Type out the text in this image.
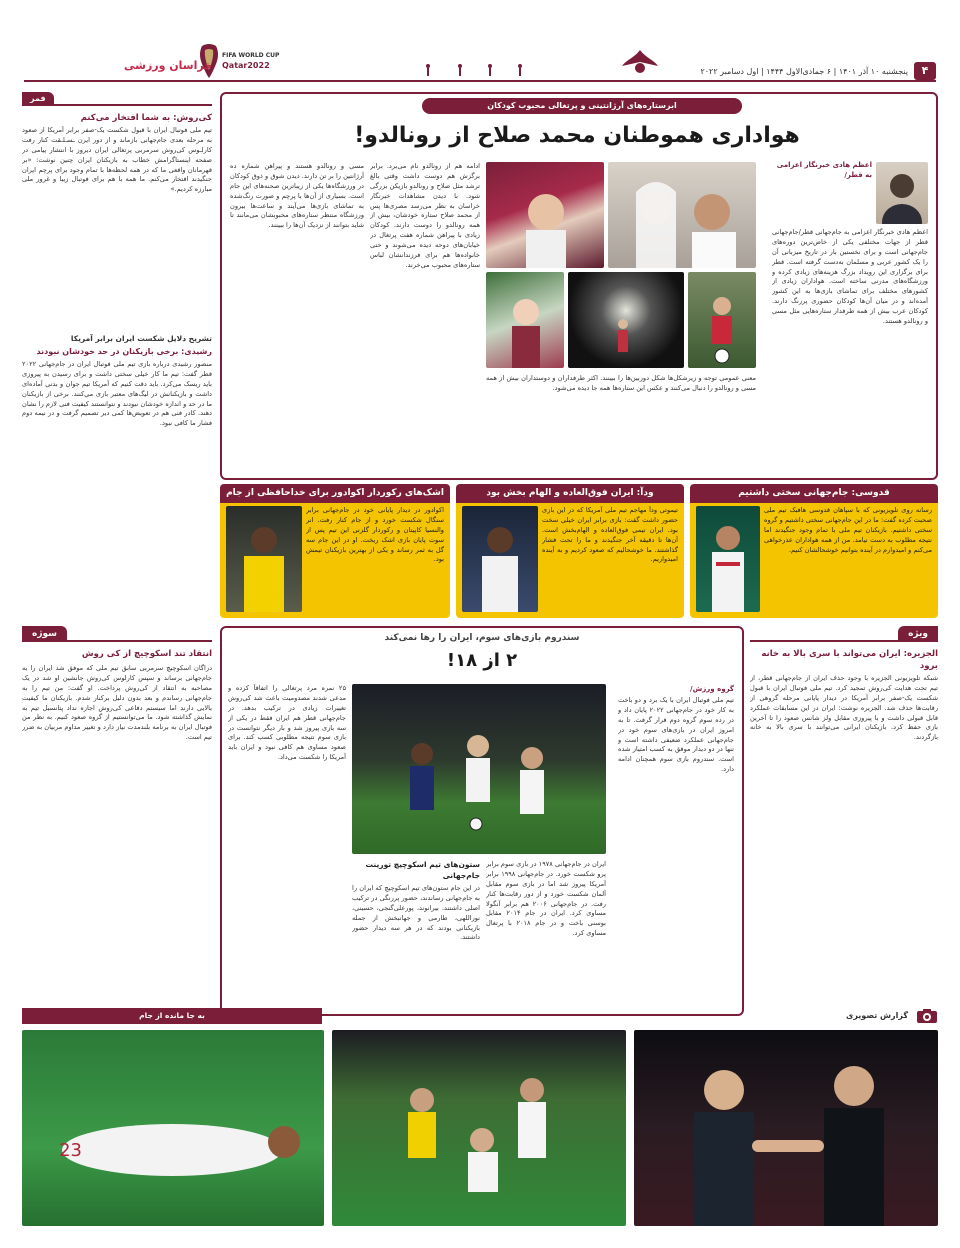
۴
پنجشنبه ۱۰ آذر ۱۴۰۱ | ۶ جمادی‌الاول ۱۴۴۴ | اول دسامبر ۲۰۲۲
FIFA WORLD CUP
Qatar2022
خراسان ورزشی
فمر
کی‌روش: به شما افتخار می‌کنم
تیم ملی فوتبال ایران با قبول شکست یک-صفر برابر آمریکا از صعود به مرحله بعدی جام‌جهانی بازماند و از دور ایرن ـسـلـقت کنار رفت کارلـوس کی‌روش سرمربی پرتغالی ایران دیروز با انتشار پیامی در صفحه اینستاگرامش خطاب به بازیکنان ایران چنین نوشت: «بر قهرمانان واقعی ما که در همه لحظه‌ها با تمام وجود برای پرچم ایران جنگیدند افتخار می‌کنم. ما همه با هم برای فوتبال زیبا و غرور ملی مبارزه کردیم.»
تشریح دلایل شکست ایران برابر آمریکا
رشیدی: برخی بازیکنان در حد خودشان نبودند
منصور رشیدی درباره بازی تیم ملی فوتبال ایران در جام‌جهانی ۲۰۲۲ قطر گفت: تیم ما کار خیلی سختی داشت و برای رسیدن به پیروزی باید ریسک می‌کرد. باید دقت کنیم که آمریکا تیم جوان و بدنی آماده‌ای داشت و بازیکنانش در لیگ‌های معتبر بازی می‌کنند. برخی از بازیکنان ما در حد و اندازه خودشان نبودند و نتوانستند کیفیت فنی لازم را نشان دهند. کادر فنی هم در تعویض‌ها کمی دیر تصمیم گرفت و در نیمه دوم فشار ما کافی نبود.
ابرستاره‌های آرژانتینی و پرتغالی محبوب کودکان
هواداری هموطنان محمد صلاح از رونالدو!
اعظم هادی خبرنگار اعزامی به قطر/
اعظم هادی خبرنگار اعزامی به جام‌جهانی قطر/جام‌جهانی قطر از جهات مختلفی یکی از خاص‌ترین دوره‌های جام‌جهانی است و برای نخستین بار در تاریخ میزبانی آن را یک کشور عربی و مسلمان به‌دست گرفته است. قطر برای برگزاری این رویداد بزرگ هزینه‌های زیادی کرده و ورزشگاه‌های مدرنی ساخته است. هواداران زیادی از کشورهای مختلف برای تماشای بازی‌ها به این کشور آمده‌اند و در میان آن‌ها کودکان حضوری پررنگ دارند. کودکان عرب بیش از همه طرفدار ستاره‌هایی مثل مسی و رونالدو هستند.
ادامه هم از رونالدو نام می‌برد. برابر برگزش هم دوست داشت وقتی بالغ ترشد مثل صلاح و رونالدو بازیکن بزرگی شود. با دیدن مشاهدات خبرنگار خراسان به نظر می‌رسد مصری‌ها پس از محمد صلاح ستاره خودشان، بیش از همه رونالدو را دوست دارند. کودکان زیادی با پیراهن شماره هفت پرتغال در خیابان‌های دوحه دیده می‌شوند و حتی خانواده‌ها هم برای فرزندانشان لباس ستاره‌های محبوب می‌خرند.
مسی و رونالدو هستند و پیراهن شماره ده آرژانتین را بر تن دارند. دیدن شوق و ذوق کودکان در ورزشگاه‌ها یکی از زیباترین صحنه‌های این جام است. بسیاری از آن‌ها با پرچم و صورت رنگ‌شده به تماشای بازی‌ها می‌آیند و ساعت‌ها بیرون ورزشگاه منتظر ستاره‌های محبوبشان می‌مانند تا شاید بتوانند از نزدیک آن‌ها را ببینند.
معنی عمومی توجه و زیرشکل‌ها شکل دوربین‌ها را ببینند. اکثر طرفداران و دوستداران بیش از همه مسی و رونالدو را دنبال می‌کنند و عکس این ستاره‌ها همه جا دیده می‌شود.
قدوسی: جام‌جهانی سختی داشتیم
رسانه روی تلویزیونی که با سپاهان قدوسی هافبک تیم ملی صحبت کرده گفت: ما در این جام‌جهانی سختی داشتیم و گروه سختی داشتیم. بازیکنان تیم ملی با تمام وجود جنگیدند اما نتیجه مطلوب به دست نیامد. من از همه هواداران عذرخواهی می‌کنم و امیدوارم در آینده بتوانیم خوشحالشان کنیم.
ودآ: ایران فوق‌العاده و الهام بخش بود
تیموتی ودآ مهاجم تیم ملی آمریکا که در این بازی حضور داشت گفت: بازی برابر ایران خیلی سخت بود. ایران تیمی فوق‌العاده و الهام‌بخش است. آن‌ها تا دقیقه آخر جنگیدند و ما را تحت فشار گذاشتند. ما خوشحالیم که صعود کردیم و به آینده امیدواریم.
اشک‌های رکوردار اکوادور برای خداحافظی از جام
اکوادور در دیدار پایانی خود در جام‌جهانی برابر سنگال شکست خورد و از جام کنار رفت. انر والنسیا کاپیتان و رکوردار گلزنی این تیم پس از سوت پایان بازی اشک ریخت. او در این جام سه گل به ثمر رساند و یکی از بهترین بازیکنان تیمش بود.
ویژه
الجزیره: ایران می‌تواند با سری بالا به خانه برود
شبکه تلویزیونی الجزیره با وجود حذف ایران از جام‌جهانی قطر، از تیم تحت هدایت کی‌روش تمجید کرد. تیم ملی فوتبال ایران با قبول شکست یک-صفر برابر آمریکا در دیدار پایانی مرحله گروهی از رقابت‌ها حذف شد. الجزیره نوشت: ایران در این مسابقات عملکرد قابل قبولی داشت و با پیروزی مقابل ولز شانس صعود را تا آخرین بازی حفظ کرد. بازیکنان ایرانی می‌توانند با سری بالا به خانه بازگردند.
سندروم بازی‌های سوم، ایران را رها نمی‌کند
۲ از ۱۸!
گروه ورزش/
تیم ملی فوتبال ایران با یک برد و دو باخت به کار خود در جام‌جهانی ۲۰۲۲ پایان داد و در رده سوم گروه دوم قرار گرفت. تا به امروز ایران در بازی‌های سوم خود در جام‌جهانی عملکرد ضعیفی داشته است و تنها در دو دیدار موفق به کسب امتیاز شده است. سندروم بازی سوم همچنان ادامه دارد.
ایران در جام‌جهانی ۱۹۷۸ در بازی سوم برابر پرو شکست خورد. در جام‌جهانی ۱۹۹۸ برابر آمریکا پیروز شد اما در بازی سوم مقابل آلمان شکست خورد و از دور رقابت‌ها کنار رفت. در جام‌جهانی ۲۰۰۶ هم برابر آنگولا مساوی کرد. ایران در جام ۲۰۱۴ مقابل بوسنی باخت و در جام ۲۰۱۸ با پرتغال مساوی کرد.
۲۵ نمره مرد پرتغالی را اتفاقاً کرده و مدعی شدند مصدومیت باعث شد کی‌روش تغییرات زیادی در ترکیب بدهد. در جام‌جهانی قطر هم ایران فقط در یکی از سه بازی پیروز شد و بار دیگر نتوانست در بازی سوم نتیجه مطلوبی کسب کند. برای صعود مساوی هم کافی نبود و ایران باید آمریکا را شکست می‌داد.
ستون‌های تیم اسکوچیچ تورینت جام‌جهانی
در این جام ستون‌های تیم اسکوچیچ که ایران را به جام‌جهانی رساندند، حضور پررنگی در ترکیب اصلی داشتند. بیرانوند، پورعلی‌گنجی، حسینی، نوراللهی، طارمی و جهانبخش از جمله بازیکنانی بودند که در هر سه دیدار حضور داشتند.
سوژه
انتقاد تند اسکوچیچ از کی روش
دراگان اسکوچیچ سرمربی سابق تیم ملی که موفق شد ایران را به جام‌جهانی برساند و سپس کارلوس کی‌روش جانشین او شد در یک مصاحبه به انتقاد از کی‌روش پرداخت. او گفت: من تیم را به جام‌جهانی رساندم و بعد بدون دلیل برکنار شدم. بازیکنان ما کیفیت بالایی دارند اما سیستم دفاعی کی‌روش اجازه نداد پتانسیل تیم به نمایش گذاشته شود. ما می‌توانستیم از گروه صعود کنیم. به نظر من فوتبال ایران به برنامه بلندمدت نیاز دارد و تغییر مداوم مربیان به ضرر تیم است.
به جا مانده از جام	گزارش تصویری
23
